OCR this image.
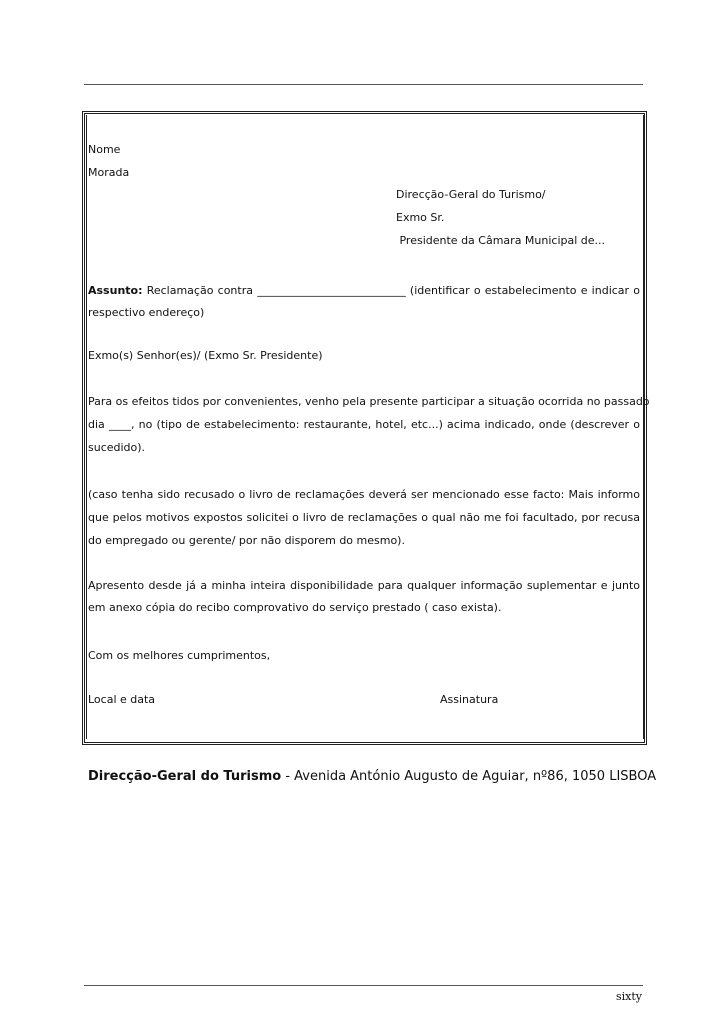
Nome
Morada
Direcção-Geral do Turismo/
Exmo Sr.
Presidente da Câmara Municipal de...
Assunto: Reclamação contra ___________________________ (identificar o estabelecimento e indicar o
respectivo endereço)
Exmo(s) Senhor(es)/ (Exmo Sr. Presidente)
Para os efeitos tidos por convenientes, venho pela presente participar a situação ocorrida no passado
dia ____, no (tipo de estabelecimento: restaurante, hotel, etc...) acima indicado, onde (descrever o
sucedido).
(caso tenha sido recusado o livro de reclamações deverá ser mencionado esse facto: Mais informo
que pelos motivos expostos solicitei o livro de reclamações o qual não me foi facultado, por recusa
do empregado ou gerente/ por não disporem do mesmo).
Apresento desde já a minha inteira disponibilidade para qualquer informação suplementar e junto
em anexo cópia do recibo comprovativo do serviço prestado ( caso exista).
Com os melhores cumprimentos,
Local e data	Assinatura
Direcção-Geral do Turismo - Avenida António Augusto de Aguiar, nº86, 1050 LISBOA
sixty
